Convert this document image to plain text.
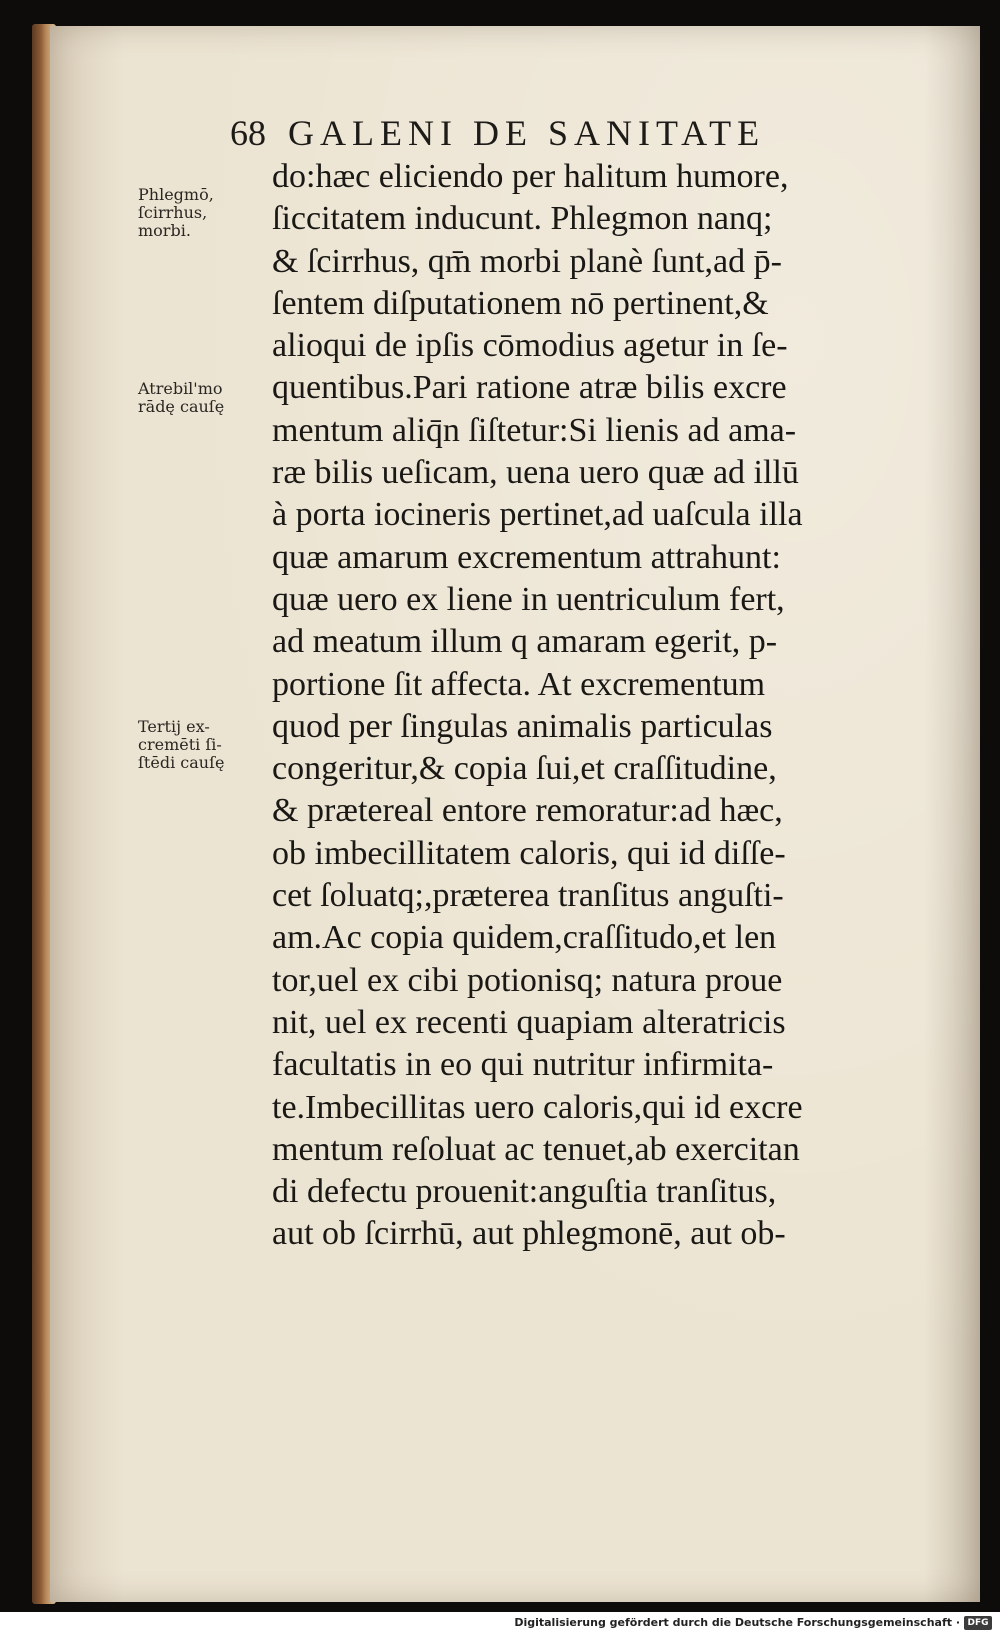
68 GALENI DE SANITATE
Phlegmō,
ſcirrhus,
morbi.
Atrebil'mo
rādę cauſę
Tertij ex-
cremēti ſi-
ſtēdi cauſę
do:hæc eliciendo per halitum humore,
ſiccitatem inducunt. Phlegmon nanq;
& ſcirrhus, qm̄ morbi planè ſunt,ad p̄-
ſentem diſputationem nō pertinent,&
alioqui de ipſis cōmodius agetur in ſe-
quentibus.Pari ratione atræ bilis excre
mentum aliq̄n ſiſtetur:Si lienis ad ama-
ræ bilis ueſicam, uena uero quæ ad illū
à porta iocineris pertinet,ad uaſcula illa
quæ amarum excrementum attrahunt:
quæ uero ex liene in uentriculum fert,
ad meatum illum q amaram egerit, p-
portione ſit affecta. At excrementum
quod per ſingulas animalis particulas
congeritur,& copia ſui,et craſſitudine,
& prætereal entore remoratur:ad hæc,
ob imbecillitatem caloris, qui id diſſe-
cet ſoluatq;,præterea tranſitus anguſti-
am.Ac copia quidem,craſſitudo,et len
tor,uel ex cibi potionisq; natura proue
nit, uel ex recenti quapiam alteratricis
facultatis in eo qui nutritur infirmita-
te.Imbecillitas uero caloris,qui id excre
mentum reſoluat ac tenuet,ab exercitan
di defectu prouenit:anguſtia tranſitus,
aut ob ſcirrhū, aut phlegmonē, aut ob-
Digitalisierung gefördert durch die Deutsche Forschungsgemeinschaft · DFG
